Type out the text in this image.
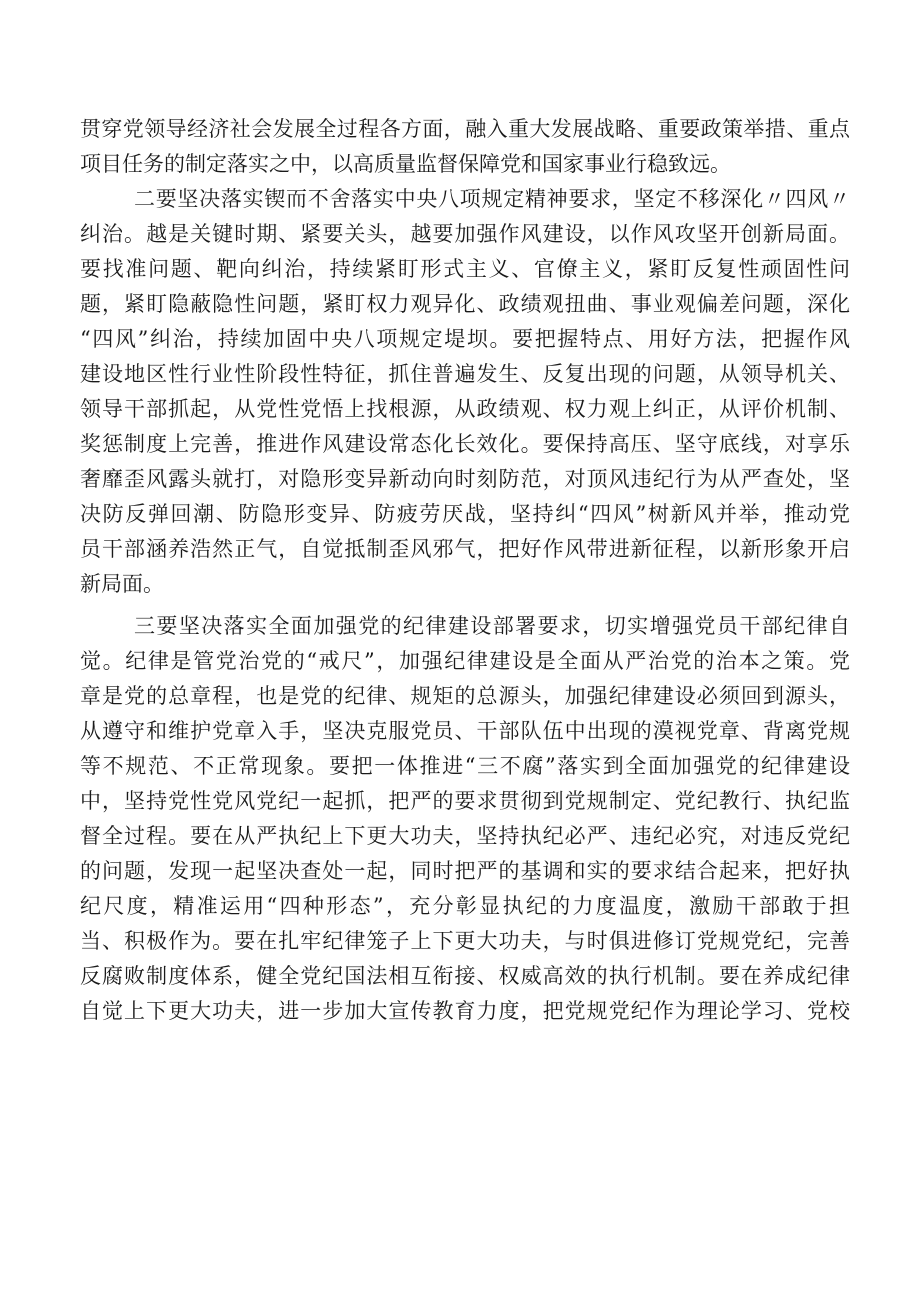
贯穿党领导经济社会发展全过程各方面，融入重大发展战略、重要政策举措、重点
项目任务的制定落实之中，以高质量监督保障党和国家事业行稳致远。
二要坚决落实锲而不舍落实中央八项规定精神要求，坚定不移深化〃四风〃
纠治。越是关键时期、紧要关头，越要加强作风建设，以作风攻坚开创新局面。
要找准问题、靶向纠治，持续紧盯形式主义、官僚主义，紧盯反复性顽固性问
题，紧盯隐蔽隐性问题，紧盯权力观异化、政绩观扭曲、事业观偏差问题，深化
“四风”纠治，持续加固中央八项规定堤坝。要把握特点、用好方法，把握作风
建设地区性行业性阶段性特征，抓住普遍发生、反复出现的问题，从领导机关、
领导干部抓起，从党性党悟上找根源，从政绩观、权力观上纠正，从评价机制、
奖惩制度上完善，推进作风建设常态化长效化。要保持高压、坚守底线，对享乐
奢靡歪风露头就打，对隐形变异新动向时刻防范，对顶风违纪行为从严查处，坚
决防反弹回潮、防隐形变异、防疲劳厌战，坚持纠“四风”树新风并举，推动党
员干部涵养浩然正气，自觉抵制歪风邪气，把好作风带进新征程，以新形象开启
新局面。
三要坚决落实全面加强党的纪律建设部署要求，切实增强党员干部纪律自
觉。纪律是管党治党的“戒尺”，加强纪律建设是全面从严治党的治本之策。党
章是党的总章程，也是党的纪律、规矩的总源头，加强纪律建设必须回到源头，
从遵守和维护党章入手，坚决克服党员、干部队伍中出现的漠视党章、背离党规
等不规范、不正常现象。要把一体推进“三不腐”落实到全面加强党的纪律建设
中，坚持党性党风党纪一起抓，把严的要求贯彻到党规制定、党纪教行、执纪监
督全过程。要在从严执纪上下更大功夫，坚持执纪必严、违纪必究，对违反党纪
的问题，发现一起坚决查处一起，同时把严的基调和实的要求结合起来，把好执
纪尺度，精准运用“四种形态”，充分彰显执纪的力度温度，激励干部敢于担
当、积极作为。要在扎牢纪律笼子上下更大功夫，与时俱进修订党规党纪，完善
反腐败制度体系，健全党纪国法相互衔接、权威高效的执行机制。要在养成纪律
自觉上下更大功夫，进一步加大宣传教育力度，把党规党纪作为理论学习、党校
